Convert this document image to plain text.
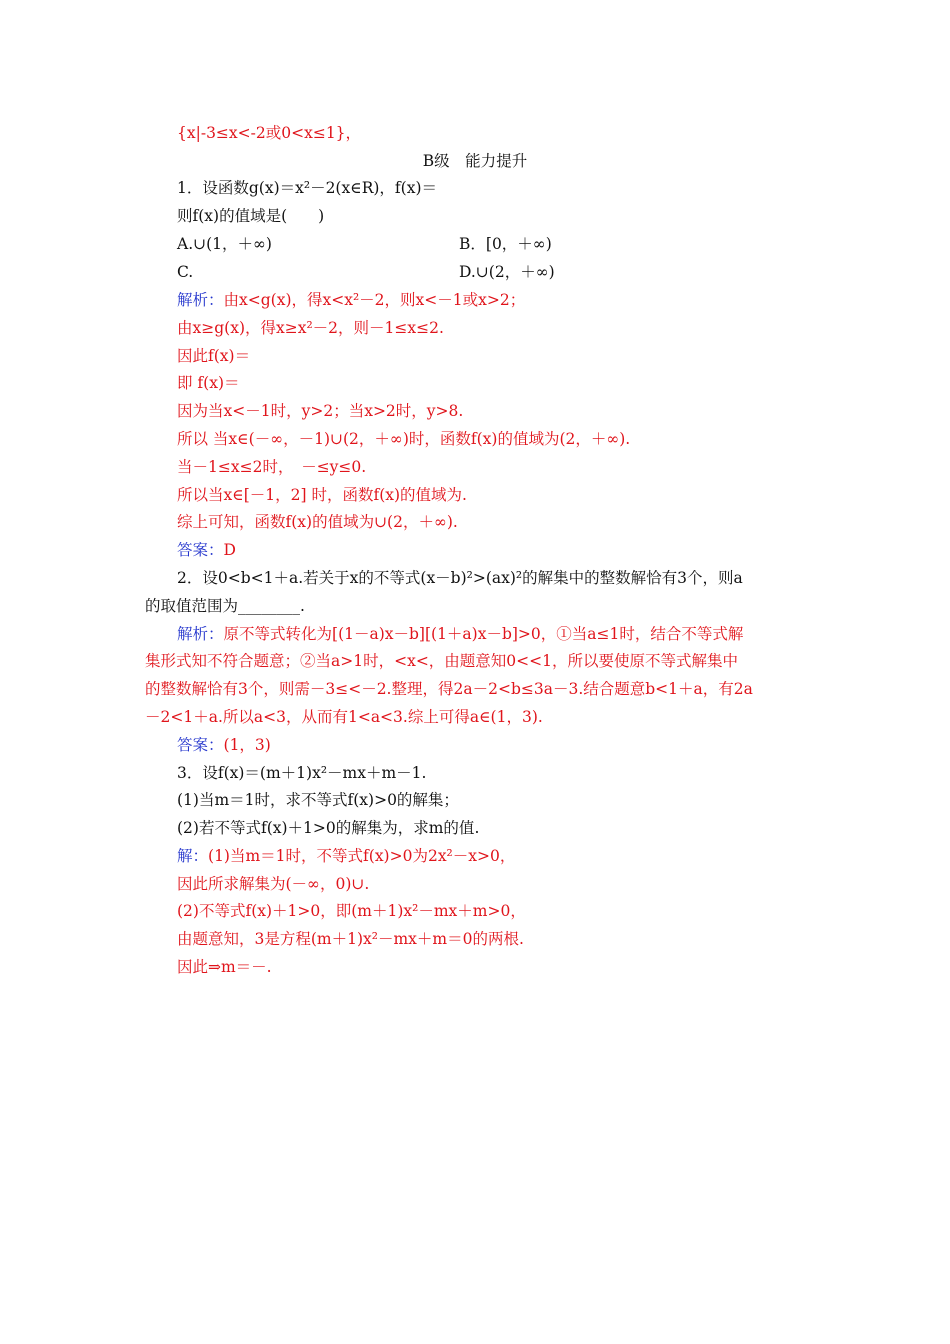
{x|-3≤x<-2或0<x≤1}，
B级　能力提升
1．设函数g(x)＝x²－2(x∈R)，f(x)＝
则f(x)的值域是(　　)
A.∪(1，＋∞)	B．[0，＋∞)
C.	D.∪(2，＋∞)
解析：由x<g(x)，得x<x²－2，则x<－1或x>2；
由x≥g(x)，得x≥x²－2，则－1≤x≤2.
因此f(x)＝
即 f(x)＝
因为当x<－1时，y>2；当x>2时，y>8.
所以 当x∈(－∞，－1)∪(2，＋∞)时，函数f(x)的值域为(2，＋∞).
当－1≤x≤2时，　－≤y≤0.
所以当x∈[－1，2] 时，函数f(x)的值域为.
综上可知，函数f(x)的值域为∪(2，＋∞).
答案：D
2．设0<b<1＋a.若关于x的不等式(x－b)²>(ax)²的解集中的整数解恰有3个，则a
的取值范围为________.
解析：原不等式转化为[(1－a)x－b][(1＋a)x－b]>0，①当a≤1时，结合不等式解
集形式知不符合题意；②当a>1时，<x<，由题意知0<<1，所以要使原不等式解集中
的整数解恰有3个，则需－3≤<－2.整理，得2a－2<b≤3a－3.结合题意b<1＋a，有2a
－2<1＋a.所以a<3，从而有1<a<3.综上可得a∈(1，3).
答案：(1，3)
3．设f(x)＝(m＋1)x²－mx＋m－1.
(1)当m＝1时，求不等式f(x)>0的解集；
(2)若不等式f(x)＋1>0的解集为，求m的值.
解：(1)当m＝1时，不等式f(x)>0为2x²－x>0，
因此所求解集为(－∞，0)∪.
(2)不等式f(x)＋1>0，即(m＋1)x²－mx＋m>0，
由题意知，3是方程(m＋1)x²－mx＋m＝0的两根.
因此⇒m＝－.
